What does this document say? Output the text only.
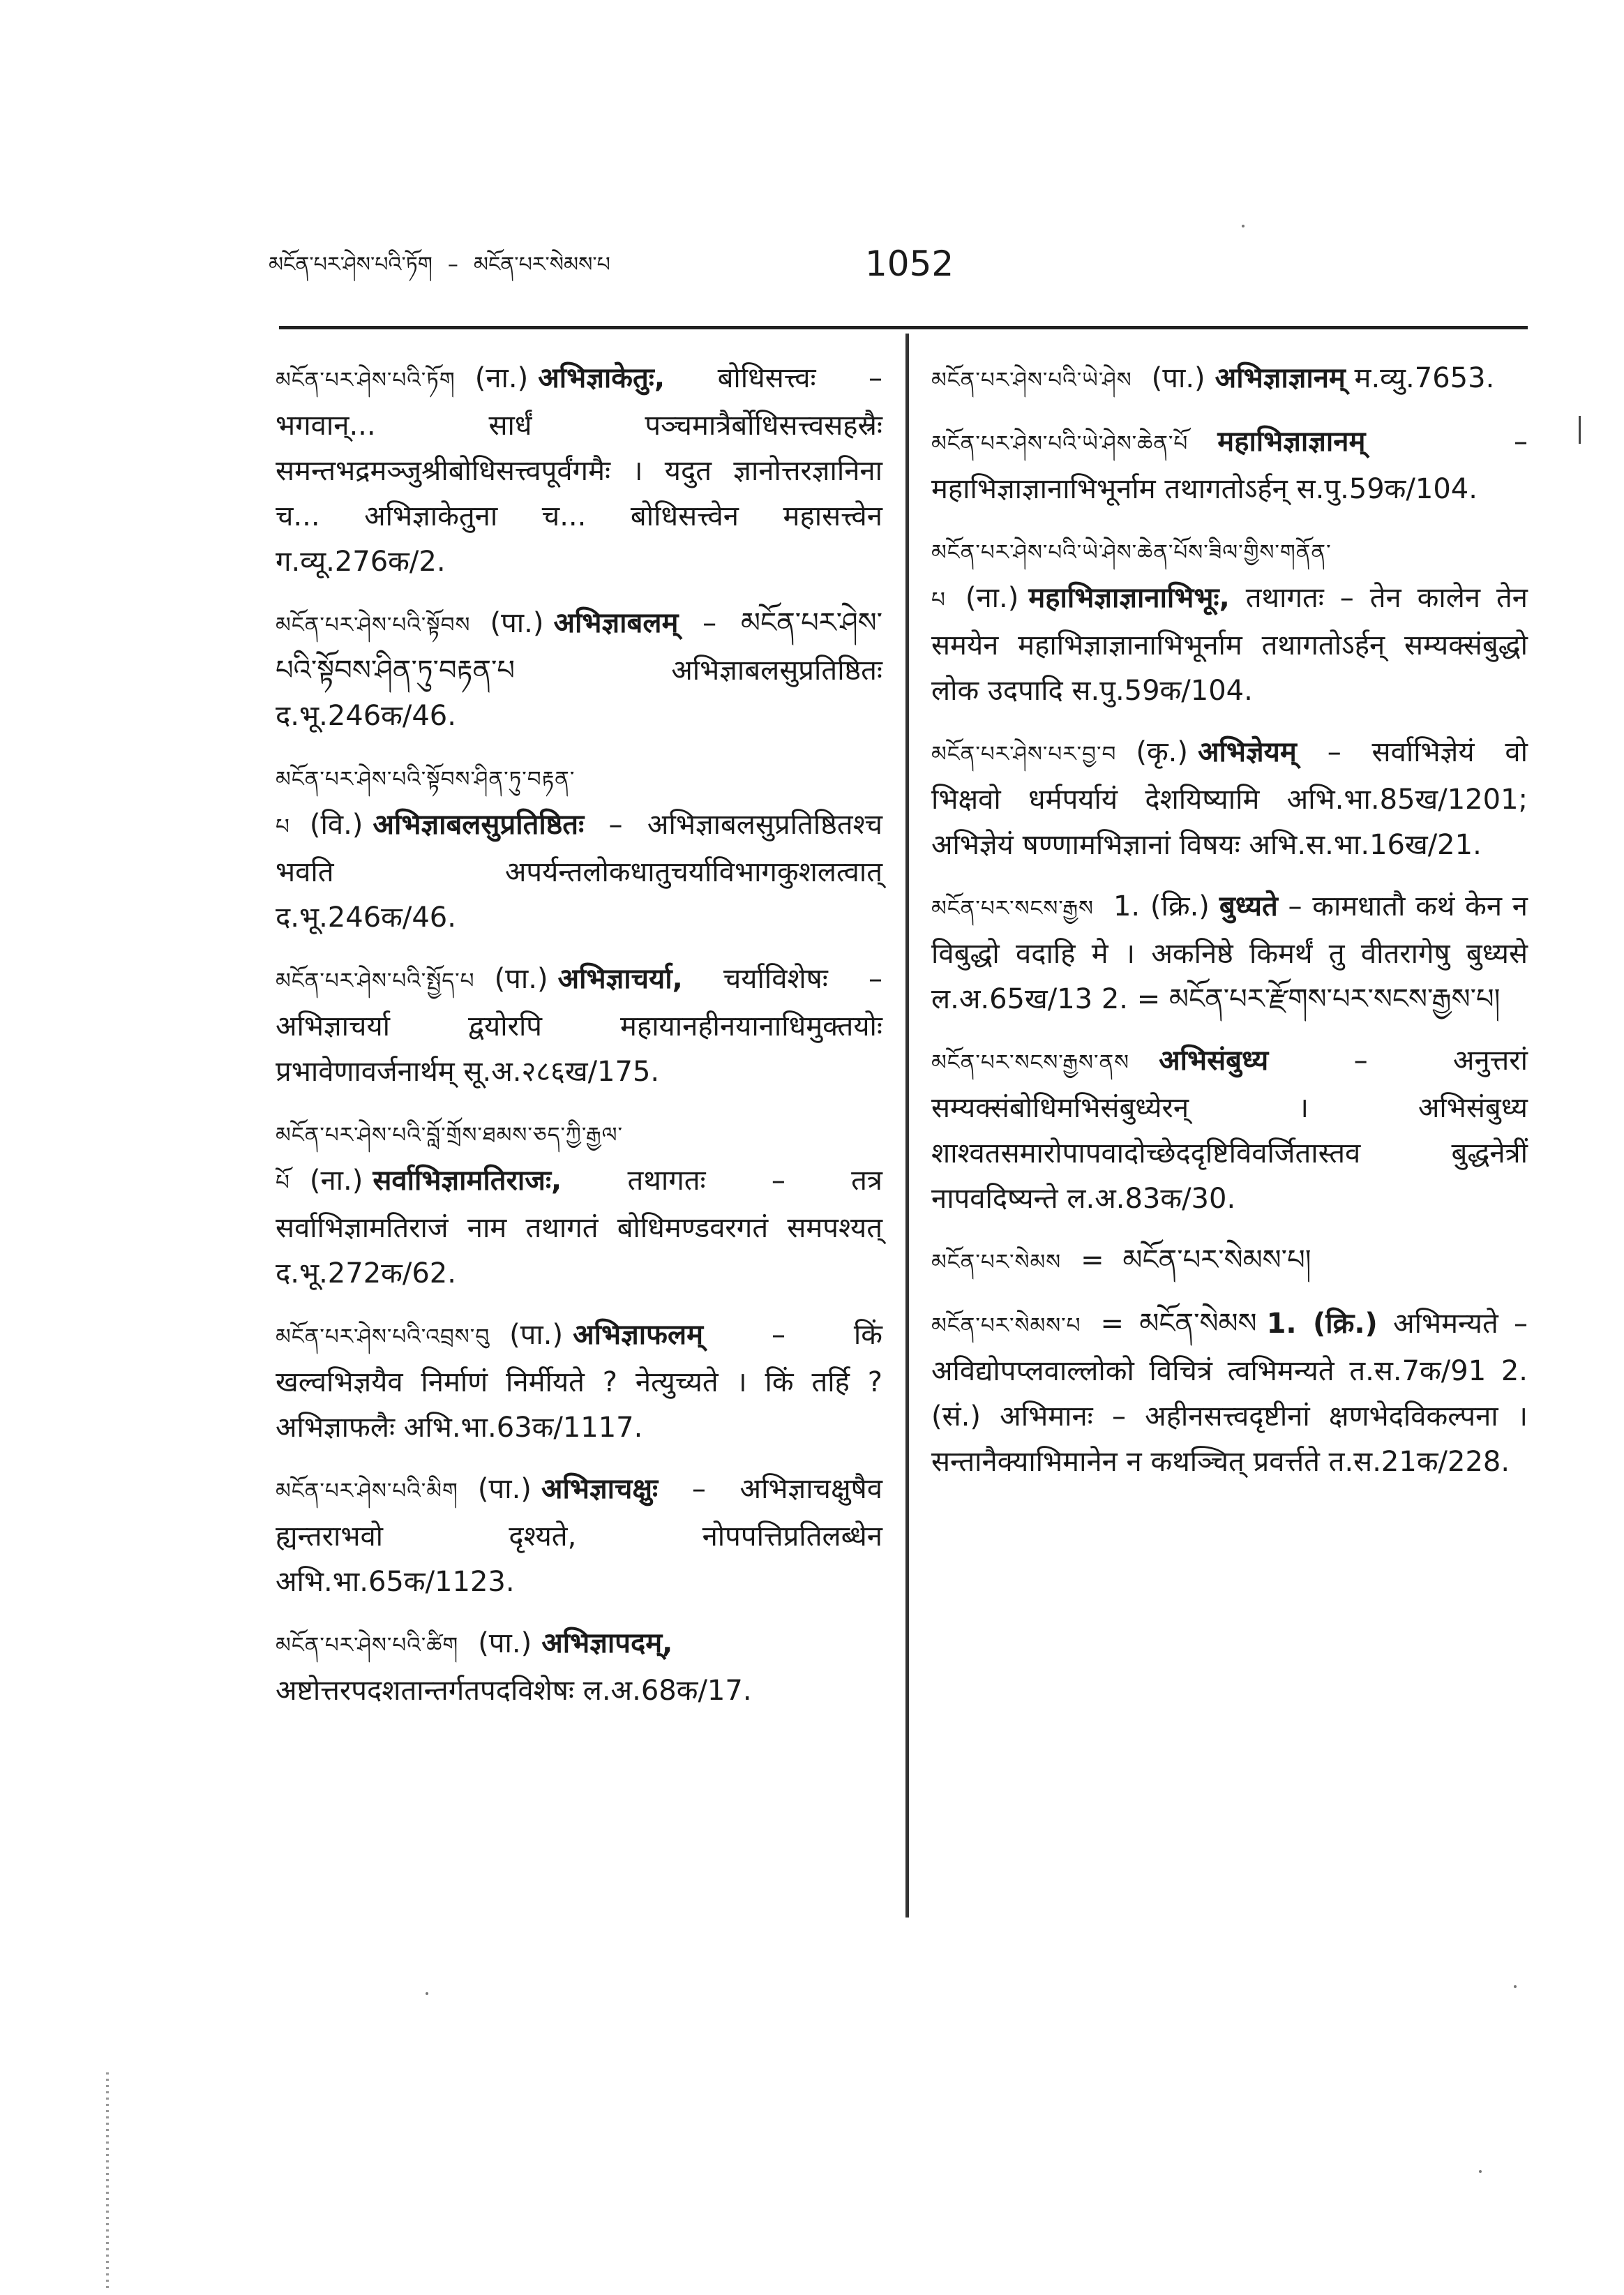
མངོན་པར་ཤེས་པའི་ཏོག – མངོན་པར་སེམས་པ	1052

མངོན་པར་ཤེས་པའི་ཏོག (ना.) अभिज्ञाकेतुः, बोधिसत्त्वः – भगवान्... सार्धं पञ्चमात्रैर्बोधिसत्त्वसहस्रैः समन्तभद्रमञ्जुश्रीबोधिसत्त्वपूर्वंगमैः । यदुत ज्ञानोत्तरज्ञानिना च... अभिज्ञाकेतुना च... बोधिसत्त्वेन महासत्त्वेन ग.व्यू.276क/2.

མངོན་པར་ཤེས་པའི་སྟོབས (पा.) अभिज्ञाबलम् – མངོན་པར་ཤེས་པའི་སྟོབས་ཤིན་ཏུ་བརྟན་པ अभिज्ञाबलसुप्रतिष्ठितः द.भू.246क/46.

མངོན་པར་ཤེས་པའི་སྟོབས་ཤིན་ཏུ་བརྟན་པ (वि.) अभिज्ञाबलसुप्रतिष्ठितः – अभिज्ञाबलसुप्रतिष्ठितश्च भवति अपर्यन्तलोकधातुचर्याविभागकुशलत्वात् द.भू.246क/46.

མངོན་པར་ཤེས་པའི་སྤྱོད་པ (पा.) अभिज्ञाचर्या, चर्याविशेषः – अभिज्ञाचर्या द्वयोरपि महायानहीनयानाधिमुक्तयोः प्रभावेणावर्जनार्थम् सू.अ.२८६ख/175.

མངོན་པར་ཤེས་པའི་བློ་གྲོས་ཐམས་ཅད་ཀྱི་རྒྱལ་པོ (ना.) सर्वाभिज्ञामतिराजः, तथागतः – तत्र सर्वाभिज्ञामतिराजं नाम तथागतं बोधिमण्डवरगतं समपश्यत् द.भू.272क/62.

མངོན་པར་ཤེས་པའི་འབྲས་བུ (पा.) अभिज्ञाफलम् – किं खल्वभिज्ञयैव निर्माणं निर्मीयते ? नेत्युच्यते । किं तर्हि ? अभिज्ञाफलैः अभि.भा.63क/1117.

མངོན་པར་ཤེས་པའི་མིག (पा.) अभिज्ञाचक्षुः – अभिज्ञाचक्षुषैव ह्यन्तराभवो दृश्यते, नोपपत्तिप्रतिलब्धेन अभि.भा.65क/1123.

མངོན་པར་ཤེས་པའི་ཚིག (पा.) अभिज्ञापदम्, अष्टोत्तरपदशतान्तर्गतपदविशेषः ल.अ.68क/17.

མངོན་པར་ཤེས་པའི་ཡེ་ཤེས (पा.) अभिज्ञाज्ञानम् म.व्यु.7653.

མངོན་པར་ཤེས་པའི་ཡེ་ཤེས་ཆེན་པོ महाभिज्ञाज्ञानम्	– महाभिज्ञाज्ञानाभिभूर्नाम तथागतोऽर्हन् स.पु.59क/104.

མངོན་པར་ཤེས་པའི་ཡེ་ཤེས་ཆེན་པོས་ཟིལ་གྱིས་གནོན་པ (ना.) महाभिज्ञाज्ञानाभिभूः, तथागतः – तेन कालेन तेन समयेन महाभिज्ञाज्ञानाभिभूर्नाम तथागतोऽर्हन् सम्यक्संबुद्धो लोक उदपादि स.पु.59क/104.

མངོན་པར་ཤེས་པར་བྱ་བ (कृ.) अभिज्ञेयम् – सर्वाभिज्ञेयं वो भिक्षवो धर्मपर्यायं देशयिष्यामि अभि.भा.85ख/1201; अभिज्ञेयं षण्णामभिज्ञानां विषयः अभि.स.भा.16ख/21.

མངོན་པར་སངས་རྒྱས 1. (क्रि.) बुध्यते – कामधातौ कथं केन न विबुद्धो वदाहि मे । अकनिष्ठे किमर्थं तु वीतरागेषु बुध्यसे ल.अ.65ख/13 2. = མངོན་པར་རྫོགས་པར་སངས་རྒྱས་པ།

མངོན་པར་སངས་རྒྱས་ནས अभिसंबुध्य	– अनुत्तरां सम्यक्संबोधिमभिसंबुध्येरन् । अभिसंबुध्य शाश्वतसमारोपापवादोच्छेददृष्टिविवर्जितास्तव बुद्धनेत्रीं नापवदिष्यन्ते ल.अ.83क/30.

མངོན་པར་སེམས = མངོན་པར་སེམས་པ།

མངོན་པར་སེམས་པ = མངོན་སེམས 1. (क्रि.) अभिमन्यते – अविद्योपप्लवाल्लोको विचित्रं त्वभिमन्यते त.स.7क/91 2. (सं.) अभिमानः – अहीनसत्त्वदृष्टीनां क्षणभेदविकल्पना । सन्तानैक्याभिमानेन न कथञ्चित् प्रवर्त्तते त.स.21क/228.
